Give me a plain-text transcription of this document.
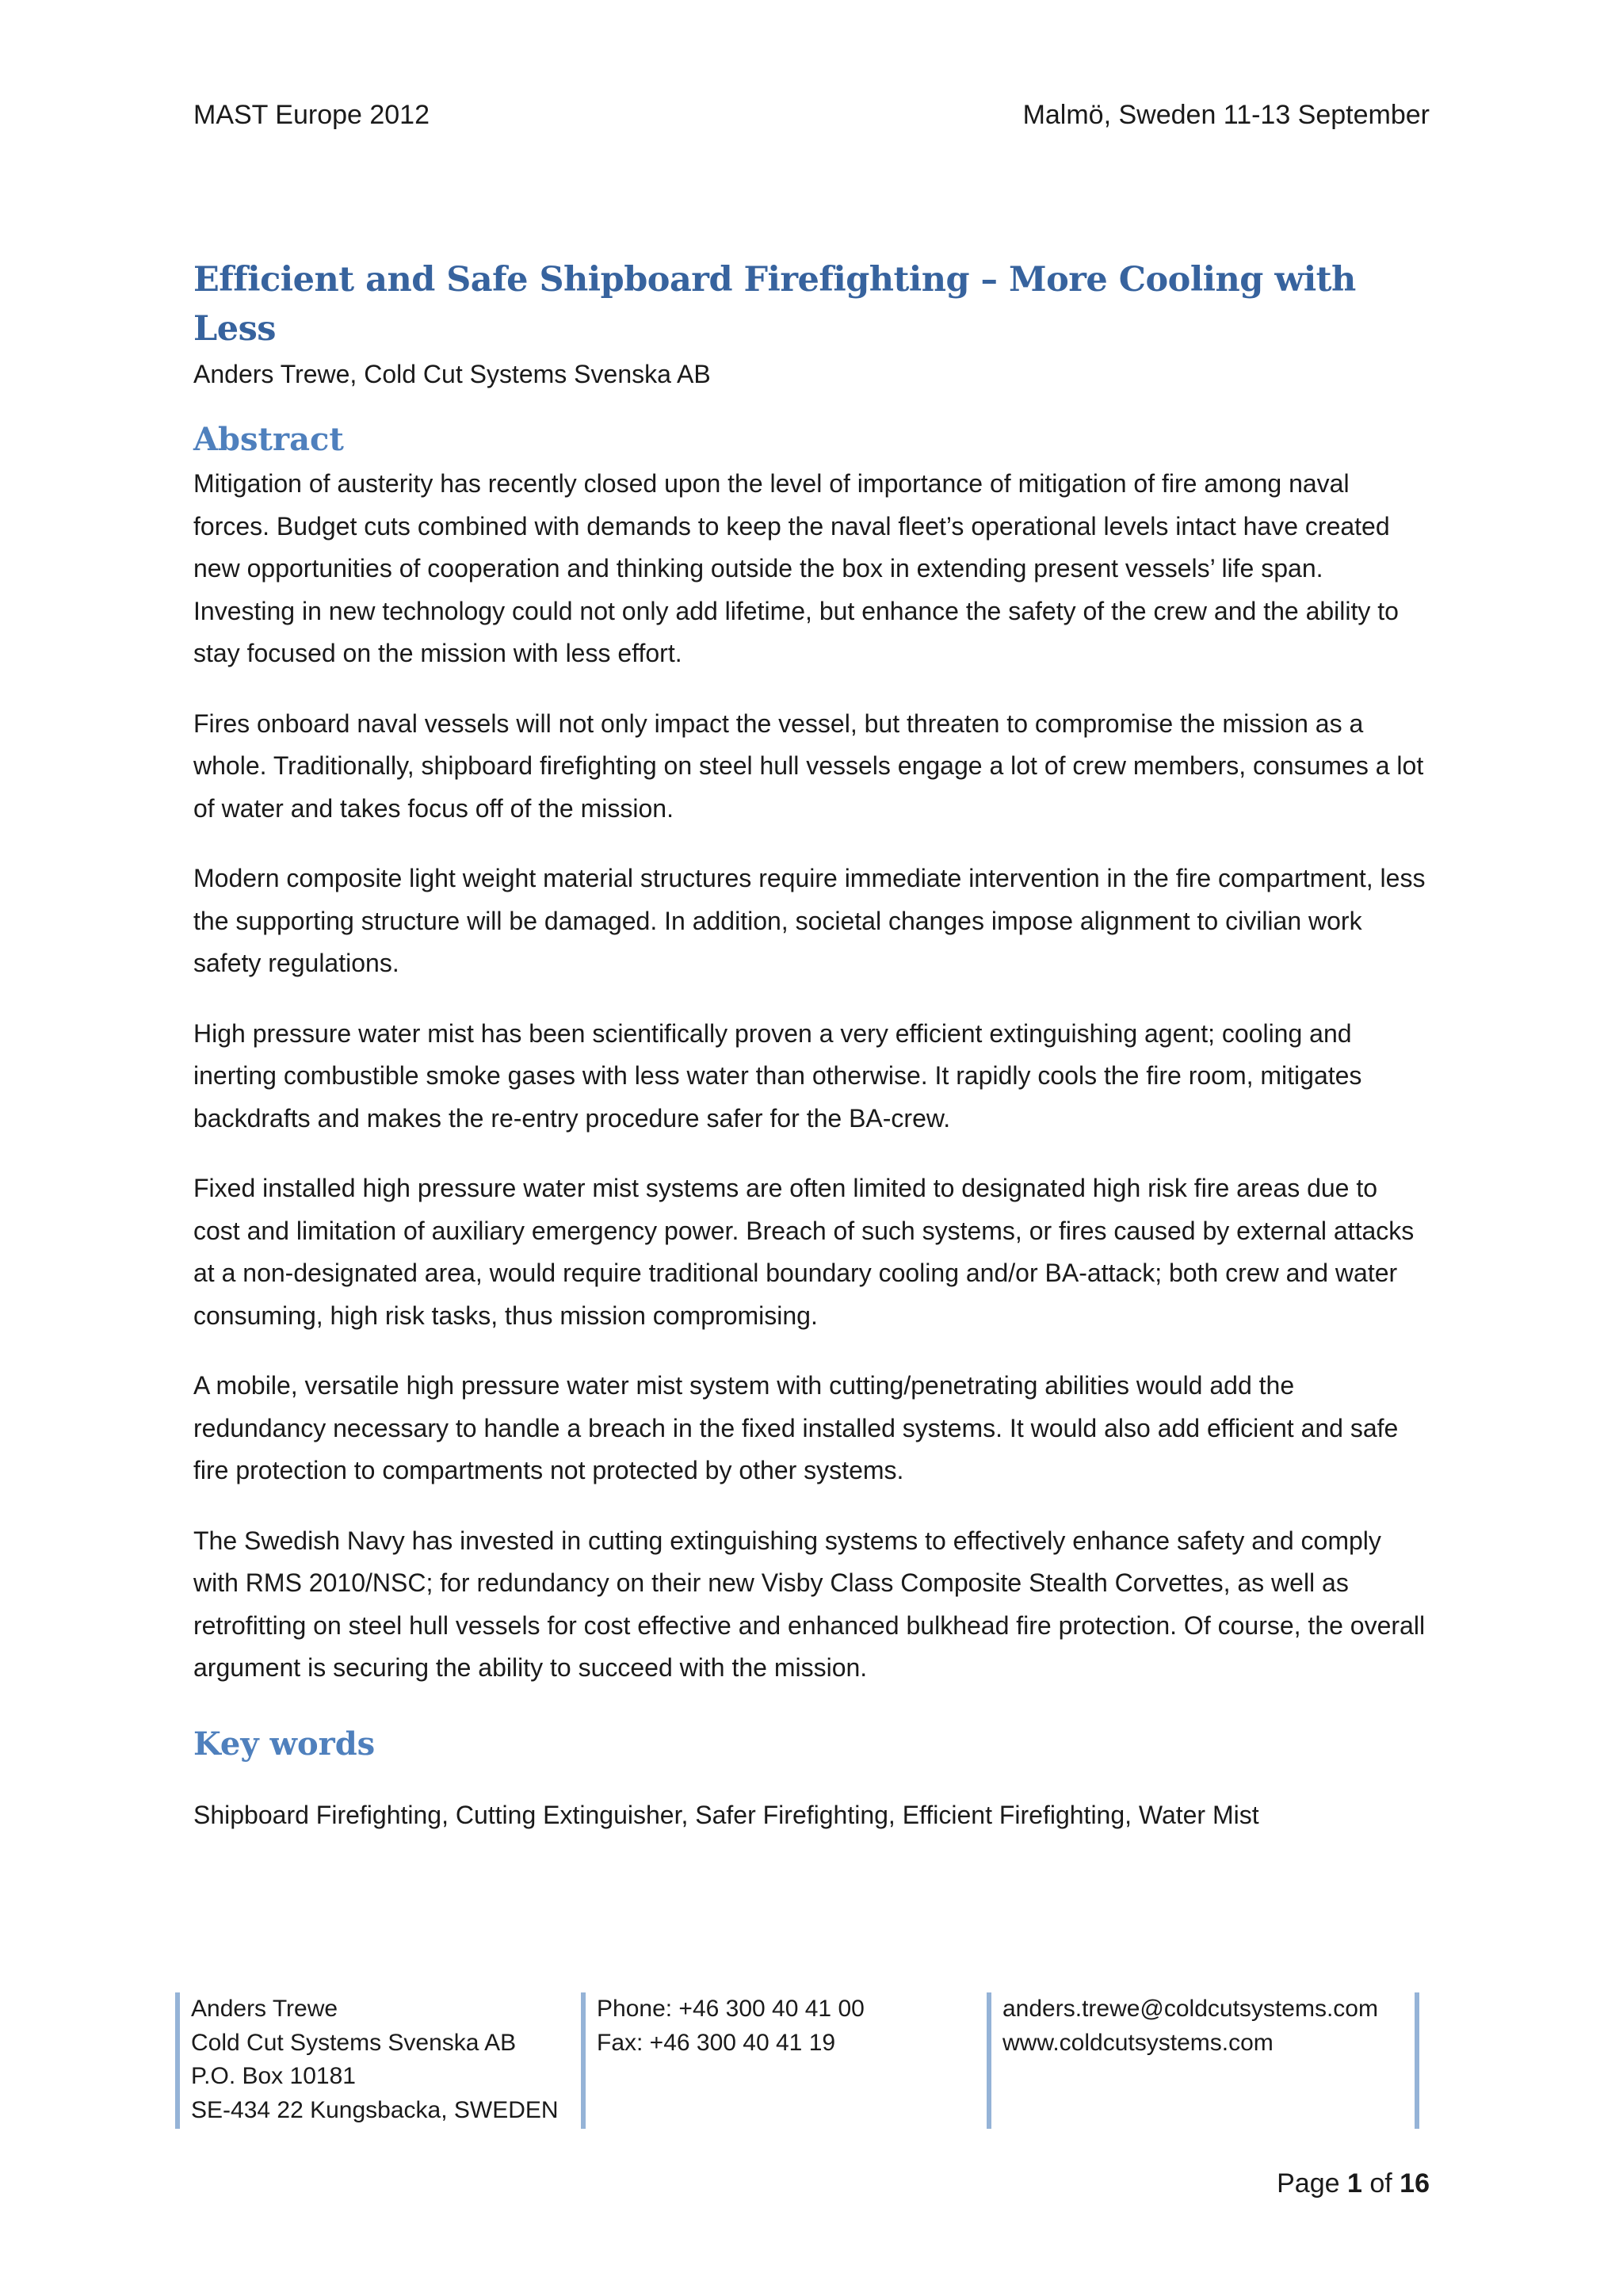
MAST Europe 2012	Malmö, Sweden 11-13 September
Efficient and Safe Shipboard Firefighting – More Cooling with Less

Anders Trewe, Cold Cut Systems Svenska AB

Abstract

Mitigation of austerity has recently closed upon the level of importance of mitigation of fire among naval forces. Budget cuts combined with demands to keep the naval fleet’s operational levels intact have created new opportunities of cooperation and thinking outside the box in extending present vessels’ life span. Investing in new technology could not only add lifetime, but enhance the safety of the crew and the ability to stay focused on the mission with less effort.

Fires onboard naval vessels will not only impact the vessel, but threaten to compromise the mission as a whole. Traditionally, shipboard firefighting on steel hull vessels engage a lot of crew members, consumes a lot of water and takes focus off of the mission.

Modern composite light weight material structures require immediate intervention in the fire compartment, less the supporting structure will be damaged. In addition, societal changes impose alignment to civilian work safety regulations.

High pressure water mist has been scientifically proven a very efficient extinguishing agent; cooling and inerting combustible smoke gases with less water than otherwise. It rapidly cools the fire room, mitigates backdrafts and makes the re-entry procedure safer for the BA-crew.

Fixed installed high pressure water mist systems are often limited to designated high risk fire areas due to cost and limitation of auxiliary emergency power. Breach of such systems, or fires caused by external attacks at a non-designated area, would require traditional boundary cooling and/or BA-attack; both crew and water consuming, high risk tasks, thus mission compromising.

A mobile, versatile high pressure water mist system with cutting/penetrating abilities would add the redundancy necessary to handle a breach in the fixed installed systems. It would also add efficient and safe fire protection to compartments not protected by other systems.

The Swedish Navy has invested in cutting extinguishing systems to effectively enhance safety and comply with RMS 2010/NSC; for redundancy on their new Visby Class Composite Stealth Corvettes, as well as retrofitting on steel hull vessels for cost effective and enhanced bulkhead fire protection. Of course, the overall argument is securing the ability to succeed with the mission.

Key words

Shipboard Firefighting, Cutting Extinguisher, Safer Firefighting, Efficient Firefighting, Water Mist

Anders Trewe
Cold Cut Systems Svenska AB
P.O. Box 10181
SE-434 22 Kungsbacka, SWEDEN
Phone: +46 300 40 41 00
Fax: +46 300 40 41 19
anders.trewe@coldcutsystems.com
www.coldcutsystems.com
Page 1 of 16
